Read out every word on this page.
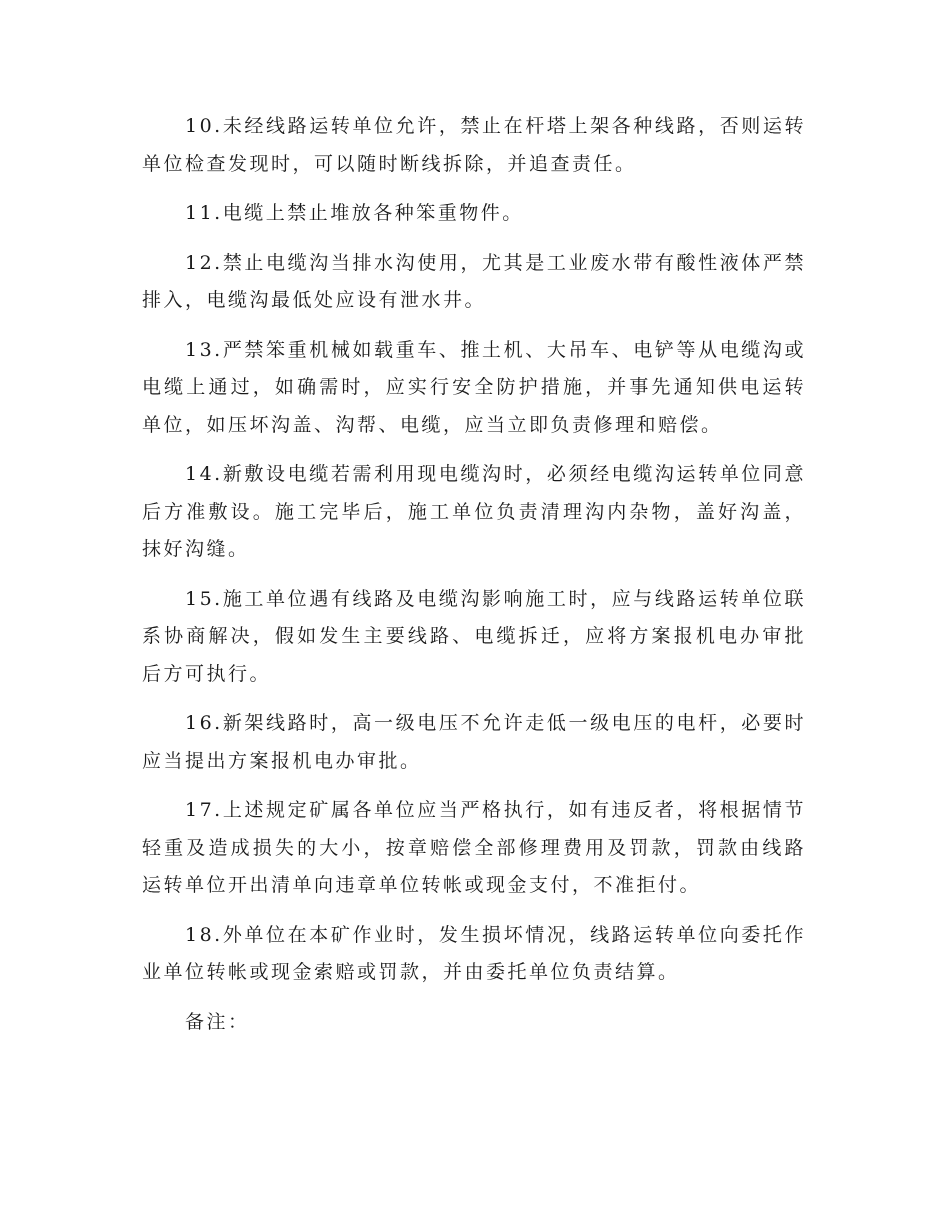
10.未经线路运转单位允许，禁止在杆塔上架各种线路，否则运转单位检查发现时，可以随时断线拆除，并追查责任。

11.电缆上禁止堆放各种笨重物件。

12.禁止电缆沟当排水沟使用，尤其是工业废水带有酸性液体严禁排入，电缆沟最低处应设有泄水井。

13.严禁笨重机械如载重车、推土机、大吊车、电铲等从电缆沟或电缆上通过，如确需时，应实行安全防护措施，并事先通知供电运转单位，如压坏沟盖、沟帮、电缆，应当立即负责修理和赔偿。

14.新敷设电缆若需利用现电缆沟时，必须经电缆沟运转单位同意后方准敷设。施工完毕后，施工单位负责清理沟内杂物，盖好沟盖，抹好沟缝。

15.施工单位遇有线路及电缆沟影响施工时，应与线路运转单位联系协商解决，假如发生主要线路、电缆拆迁，应将方案报机电办审批后方可执行。

16.新架线路时，高一级电压不允许走低一级电压的电杆，必要时应当提出方案报机电办审批。

17.上述规定矿属各单位应当严格执行，如有违反者，将根据情节轻重及造成损失的大小，按章赔偿全部修理费用及罚款，罚款由线路运转单位开出清单向违章单位转帐或现金支付，不准拒付。

18.外单位在本矿作业时，发生损坏情况，线路运转单位向委托作业单位转帐或现金索赔或罚款，并由委托单位负责结算。

备注：
